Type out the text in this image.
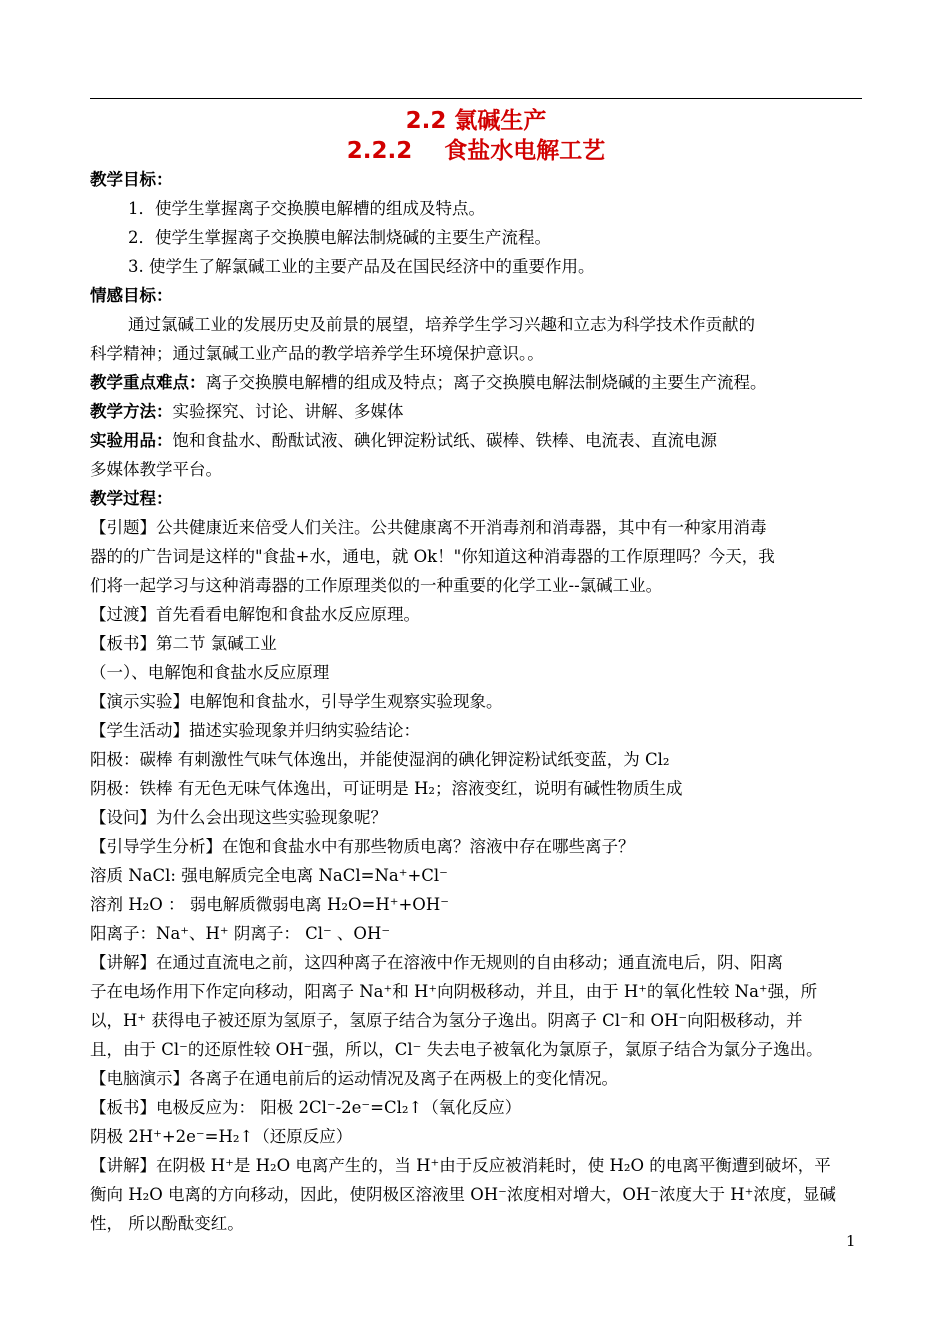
2.2 氯碱生产
2.2.2    食盐水电解工艺
教学目标：
1．使学生掌握离子交换膜电解槽的组成及特点。
2．使学生掌握离子交换膜电解法制烧碱的主要生产流程。
3. 使学生了解氯碱工业的主要产品及在国民经济中的重要作用。
情感目标：
通过氯碱工业的发展历史及前景的展望，培养学生学习兴趣和立志为科学技术作贡献的
科学精神；通过氯碱工业产品的教学培养学生环境保护意识。。
教学重点难点：离子交换膜电解槽的组成及特点；离子交换膜电解法制烧碱的主要生产流程。
教学方法：实验探究、讨论、讲解、多媒体
实验用品：饱和食盐水、酚酞试液、碘化钾淀粉试纸、碳棒、铁棒、电流表、直流电源
多媒体教学平台。
教学过程：
【引题】公共健康近来倍受人们关注。公共健康离不开消毒剂和消毒器，其中有一种家用消毒
器的的广告词是这样的"食盐+水，通电，就 Ok！"你知道这种消毒器的工作原理吗？今天，我
们将一起学习与这种消毒器的工作原理类似的一种重要的化学工业--氯碱工业。
【过渡】首先看看电解饱和食盐水反应原理。
【板书】第二节 氯碱工业
（一）、电解饱和食盐水反应原理
【演示实验】电解饱和食盐水，引导学生观察实验现象。
【学生活动】描述实验现象并归纳实验结论：
阳极：碳棒 有刺激性气味气体逸出，并能使湿润的碘化钾淀粉试纸变蓝，为 Cl₂
阴极：铁棒 有无色无味气体逸出，可证明是 H₂；溶液变红，说明有碱性物质生成
【设问】为什么会出现这些实验现象呢？
【引导学生分析】在饱和食盐水中有那些物质电离？溶液中存在哪些离子？
溶质 NaCl: 强电解质完全电离 NaCl=Na⁺+Cl⁻
溶剂 H₂O ： 弱电解质微弱电离 H₂O=H⁺+OH⁻
阳离子：Na⁺、H⁺ 阴离子： Cl⁻ 、OH⁻
【讲解】在通过直流电之前，这四种离子在溶液中作无规则的自由移动；通直流电后，阴、阳离
子在电场作用下作定向移动，阳离子 Na⁺和 H⁺向阴极移动，并且，由于 H⁺的氧化性较 Na⁺强，所
以，H⁺ 获得电子被还原为氢原子，氢原子结合为氢分子逸出。阴离子 Cl⁻和 OH⁻向阳极移动，并
且，由于 Cl⁻的还原性较 OH⁻强，所以，Cl⁻ 失去电子被氧化为氯原子，氯原子结合为氯分子逸出。
【电脑演示】各离子在通电前后的运动情况及离子在两极上的变化情况。
【板书】电极反应为： 阳极 2Cl⁻-2e⁻=Cl₂↑（氧化反应）
阴极 2H⁺+2e⁻=H₂↑（还原反应）
【讲解】在阴极 H⁺是 H₂O 电离产生的，当 H⁺由于反应被消耗时，使 H₂O 的电离平衡遭到破坏，平
衡向 H₂O 电离的方向移动，因此，使阴极区溶液里 OH⁻浓度相对增大，OH⁻浓度大于 H⁺浓度，显碱
性， 所以酚酞变红。
1
